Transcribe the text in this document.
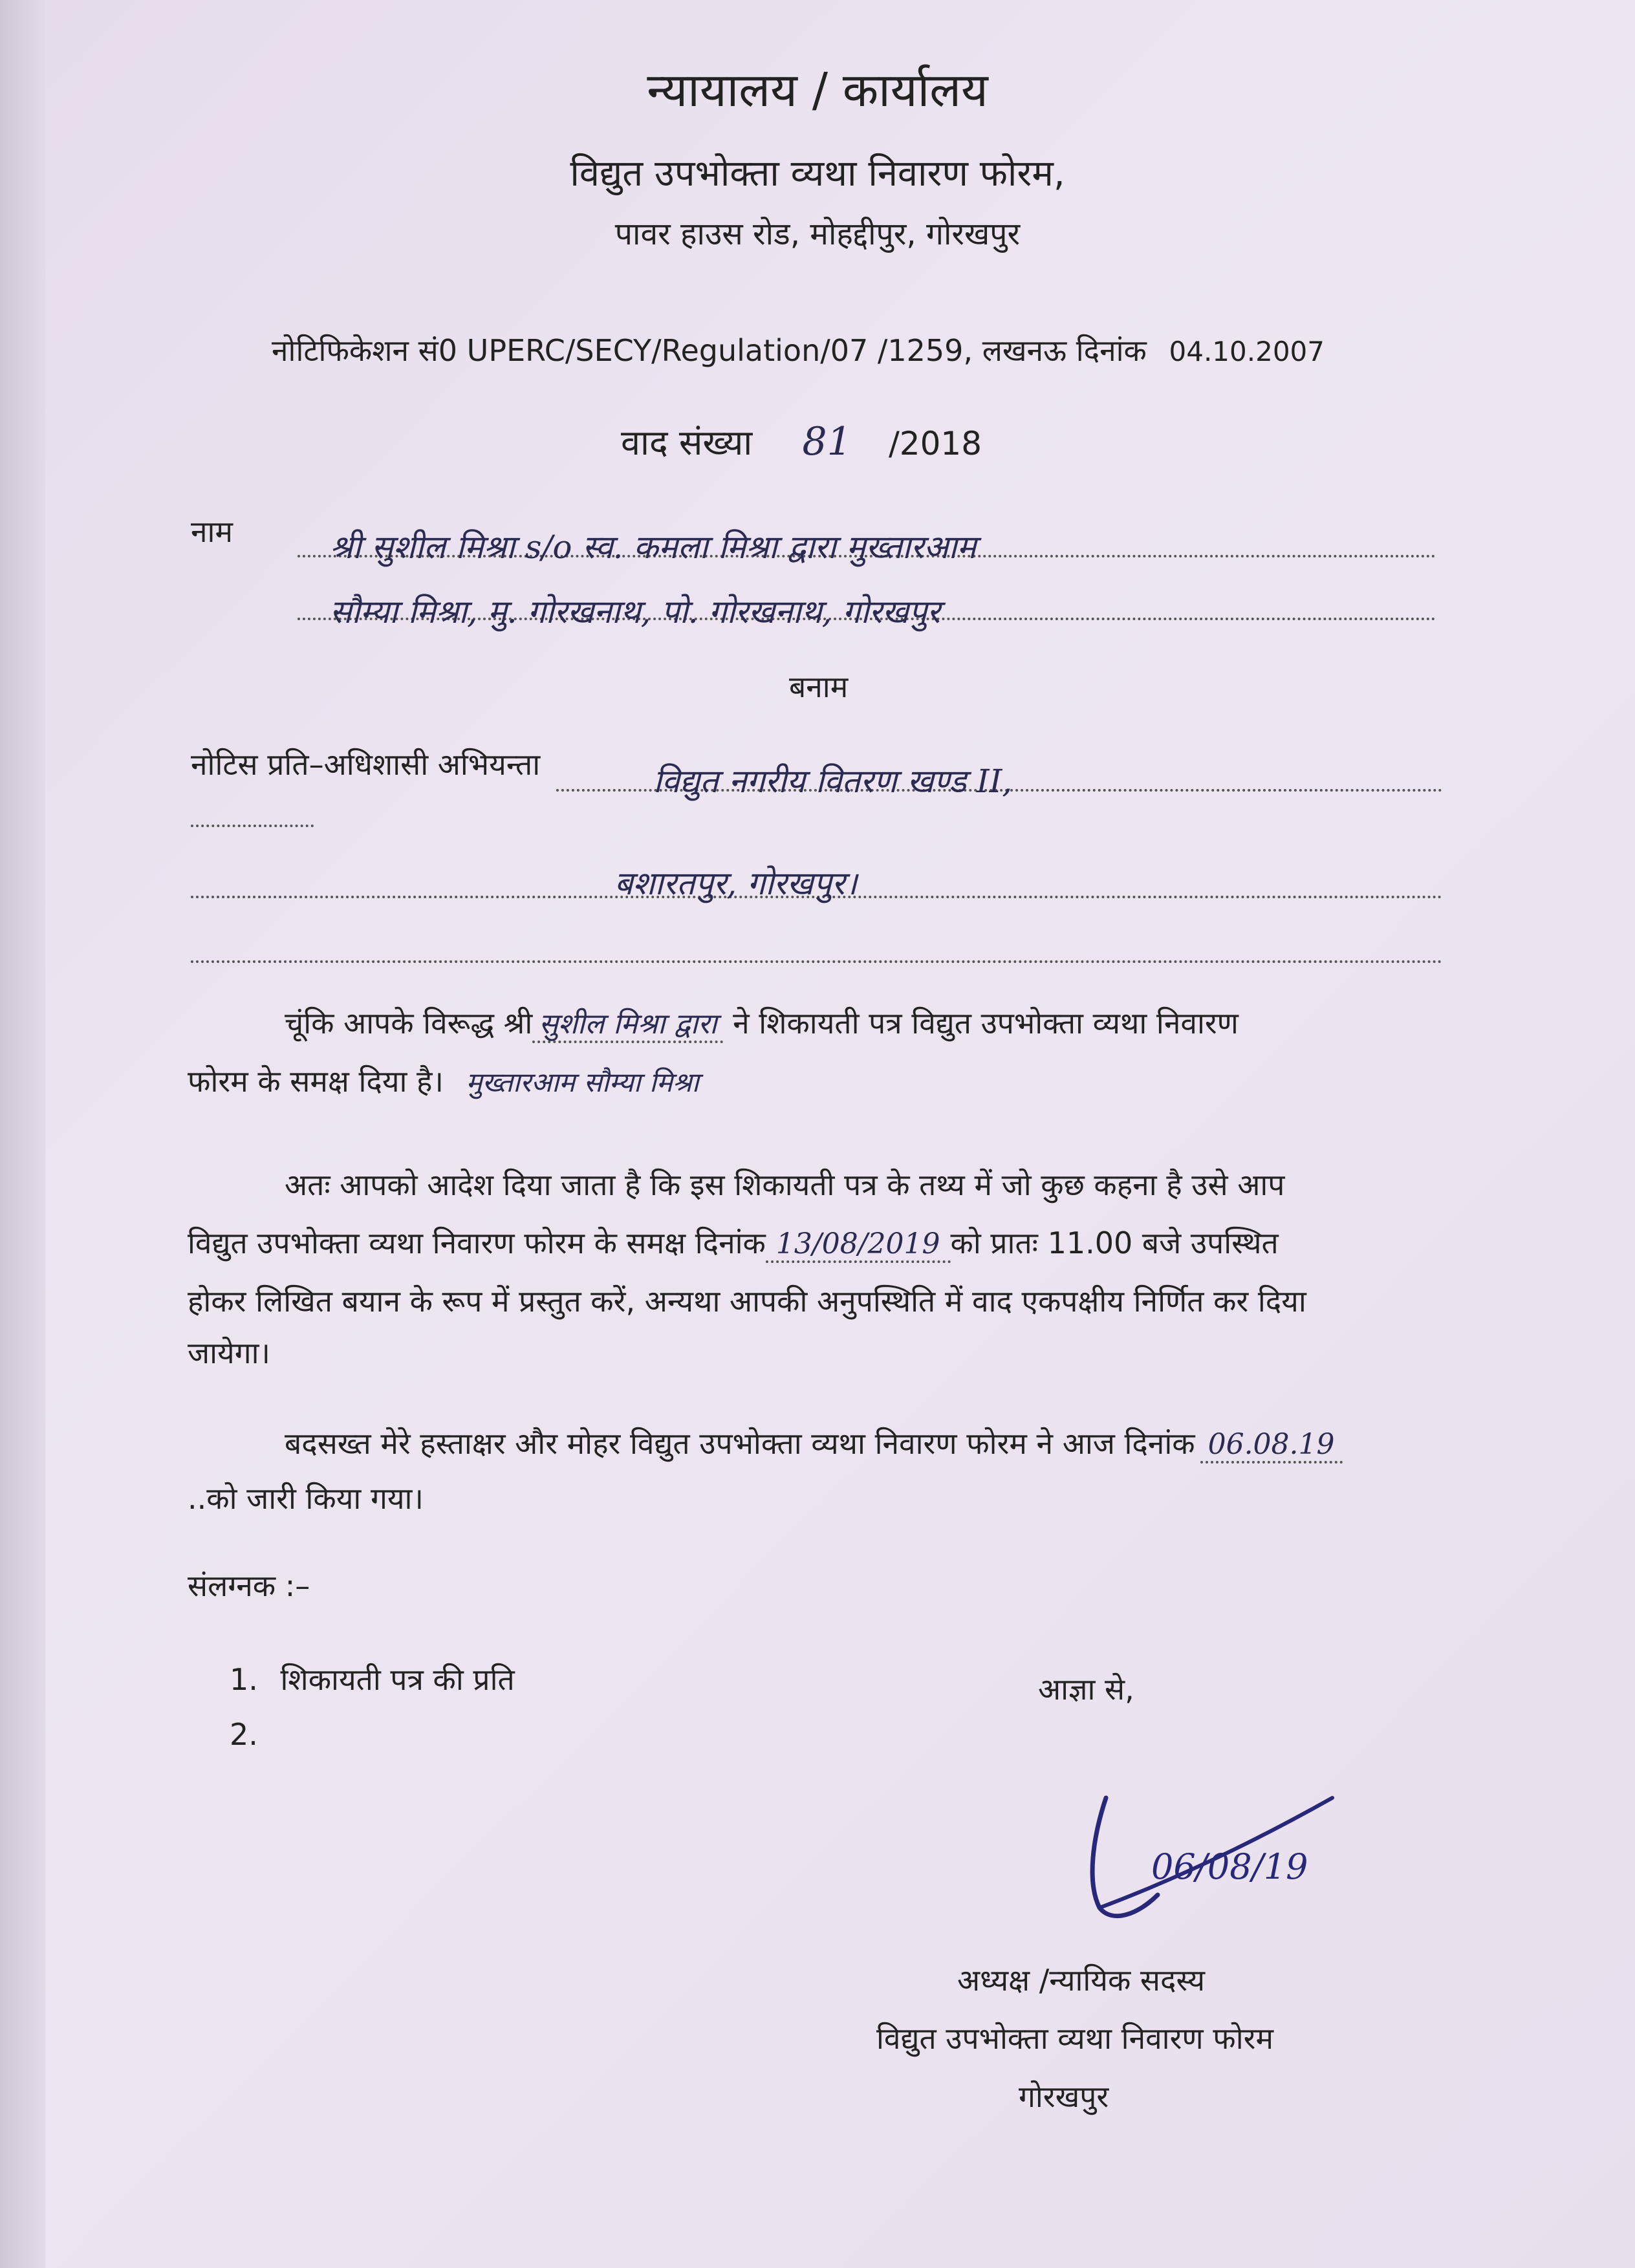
न्यायालय / कार्यालय
विद्युत उपभोक्ता व्यथा निवारण फोरम,
पावर हाउस रोड, मोहद्दीपुर, गोरखपुर
नोटिफिकेशन सं0 UPERC/SECY/Regulation/07 /1259, लखनऊ दिनांक 04.10.2007
वाद संख्या 81 /2018
नाम	श्री सुशील मिश्रा s/o स्व. कमला मिश्रा द्वारा मुख्तारआम
सौम्या मिश्रा, मु. गोरखनाथ, पो. गोरखनाथ, गोरखपुर
बनाम
नोटिस प्रति–अधिशासी अभियन्ता	विद्युत नगरीय वितरण खण्ड II,
बशारतपुर, गोरखपुर।
चूंकि आपके विरूद्ध श्री सुशील मिश्रा द्वारा ने शिकायती पत्र विद्युत उपभोक्ता व्यथा निवारण
फोरम के समक्ष दिया है। मुख्तारआम सौम्या मिश्रा
अतः आपको आदेश दिया जाता है कि इस शिकायती पत्र के तथ्य में जो कुछ कहना है उसे आप
विद्युत उपभोक्ता व्यथा निवारण फोरम के समक्ष दिनांक 13/08/2019 को प्रातः 11.00 बजे उपस्थित
होकर लिखित बयान के रूप में प्रस्तुत करें, अन्यथा आपकी अनुपस्थिति में वाद एकपक्षीय निर्णित कर दिया
जायेगा।
बदसख्त मेरे हस्ताक्षर और मोहर विद्युत उपभोक्ता व्यथा निवारण फोरम ने आज दिनांक 06.08.19
..को जारी किया गया।
संलग्नक :–
1. शिकायती पत्र की प्रति
2.
आज्ञा से,
06/08/19
अध्यक्ष /न्यायिक सदस्य
विद्युत उपभोक्ता व्यथा निवारण फोरम
गोरखपुर
